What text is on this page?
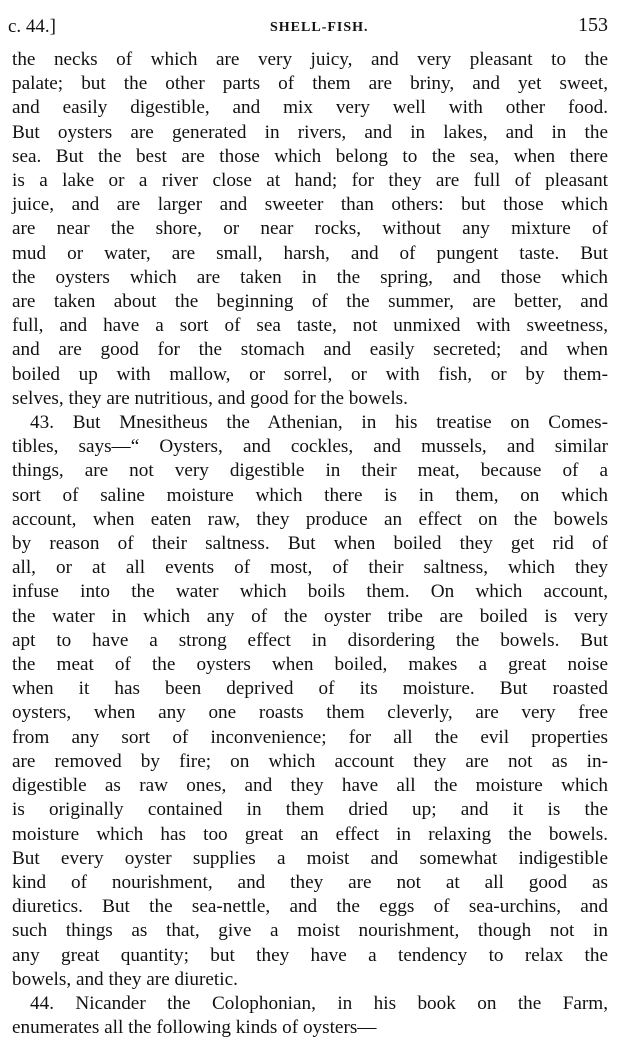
c. 44.]	SHELL-FISH.	153
the necks of which are very juicy, and very pleasant to the
palate; but the other parts of them are briny, and yet sweet,
and easily digestible, and mix very well with other food.
But oysters are generated in rivers, and in lakes, and in the
sea. But the best are those which belong to the sea, when there
is a lake or a river close at hand; for they are full of pleasant
juice, and are larger and sweeter than others: but those which
are near the shore, or near rocks, without any mixture of
mud or water, are small, harsh, and of pungent taste. But
the oysters which are taken in the spring, and those which
are taken about the beginning of the summer, are better, and
full, and have a sort of sea taste, not unmixed with sweetness,
and are good for the stomach and easily secreted; and when
boiled up with mallow, or sorrel, or with fish, or by them-
selves, they are nutritious, and good for the bowels.
43. But Mnesitheus the Athenian, in his treatise on Comes-
tibles, says—“ Oysters, and cockles, and mussels, and similar
things, are not very digestible in their meat, because of a
sort of saline moisture which there is in them, on which
account, when eaten raw, they produce an effect on the bowels
by reason of their saltness. But when boiled they get rid of
all, or at all events of most, of their saltness, which they
infuse into the water which boils them. On which account,
the water in which any of the oyster tribe are boiled is very
apt to have a strong effect in disordering the bowels. But
the meat of the oysters when boiled, makes a great noise
when it has been deprived of its moisture. But roasted
oysters, when any one roasts them cleverly, are very free
from any sort of inconvenience; for all the evil properties
are removed by fire; on which account they are not as in-
digestible as raw ones, and they have all the moisture which
is originally contained in them dried up; and it is the
moisture which has too great an effect in relaxing the bowels.
But every oyster supplies a moist and somewhat indigestible
kind of nourishment, and they are not at all good as
diuretics. But the sea-nettle, and the eggs of sea-urchins, and
such things as that, give a moist nourishment, though not in
any great quantity; but they have a tendency to relax the
bowels, and they are diuretic.
44. Nicander the Colophonian, in his book on the Farm,
enumerates all the following kinds of oysters—
